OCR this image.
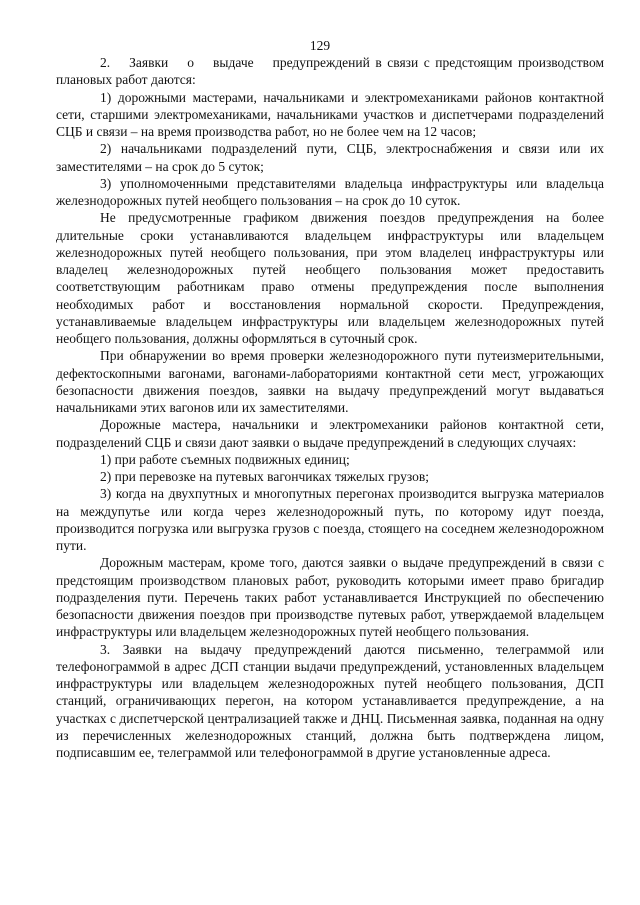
129

2.  Заявки  о  выдаче  предупреждений в связи с предстоящим производством плановых работ даются:

1) дорожными мастерами, начальниками и электромеханиками районов контактной сети, старшими электромеханиками, начальниками участков и диспетчерами подразделений СЦБ и связи – на время производства работ, но не более чем на 12 часов;

2) начальниками подразделений пути, СЦБ, электроснабжения и связи или их заместителями – на срок до 5 суток;

3) уполномоченными представителями владельца инфраструктуры или владельца железнодорожных путей необщего пользования – на срок до 10 суток.

Не предусмотренные графиком движения поездов предупреждения на более длительные сроки устанавливаются владельцем инфраструктуры или владельцем железнодорожных путей необщего пользования, при этом владелец инфраструктуры или владелец железнодорожных путей необщего пользования может предоставить соответствующим работникам право отмены предупреждения после выполнения необходимых работ и восстановления нормальной скорости. Предупреждения, устанавливаемые владельцем инфраструктуры или владельцем железнодорожных путей необщего пользования, должны оформляться в суточный срок.

При обнаружении во время проверки железнодорожного пути путеизмерительными, дефектоскопными вагонами, вагонами-лабораториями контактной сети мест, угрожающих безопасности движения поездов, заявки на выдачу предупреждений могут выдаваться начальниками этих вагонов или их заместителями.

Дорожные мастера, начальники и электромеханики районов контактной сети, подразделений СЦБ и связи дают заявки о выдаче предупреждений в следующих случаях:

1) при работе съемных подвижных единиц;

2) при перевозке на путевых вагончиках тяжелых грузов;

3) когда на двухпутных и многопутных перегонах производится выгрузка материалов на междупутье или когда через железнодорожный путь, по которому идут поезда, производится погрузка или выгрузка грузов с поезда, стоящего на соседнем железнодорожном пути.

Дорожным мастерам, кроме того, даются заявки о выдаче предупреждений в связи с предстоящим производством плановых работ, руководить которыми имеет право бригадир подразделения пути. Перечень таких работ устанавливается Инструкцией по обеспечению безопасности движения поездов при производстве путевых работ, утверждаемой владельцем инфраструктуры или владельцем железнодорожных путей необщего пользования.

3. Заявки на выдачу предупреждений даются письменно, телеграммой или телефонограммой в адрес ДСП станции выдачи предупреждений, установленных владельцем инфраструктуры или владельцем железнодорожных путей необщего пользования, ДСП станций, ограничивающих перегон, на котором устанавливается предупреждение, а на участках с диспетчерской централизацией также и ДНЦ. Письменная заявка, поданная на одну из перечисленных железнодорожных станций, должна быть подтверждена лицом, подписавшим ее, телеграммой или телефонограммой в другие установленные адреса.
